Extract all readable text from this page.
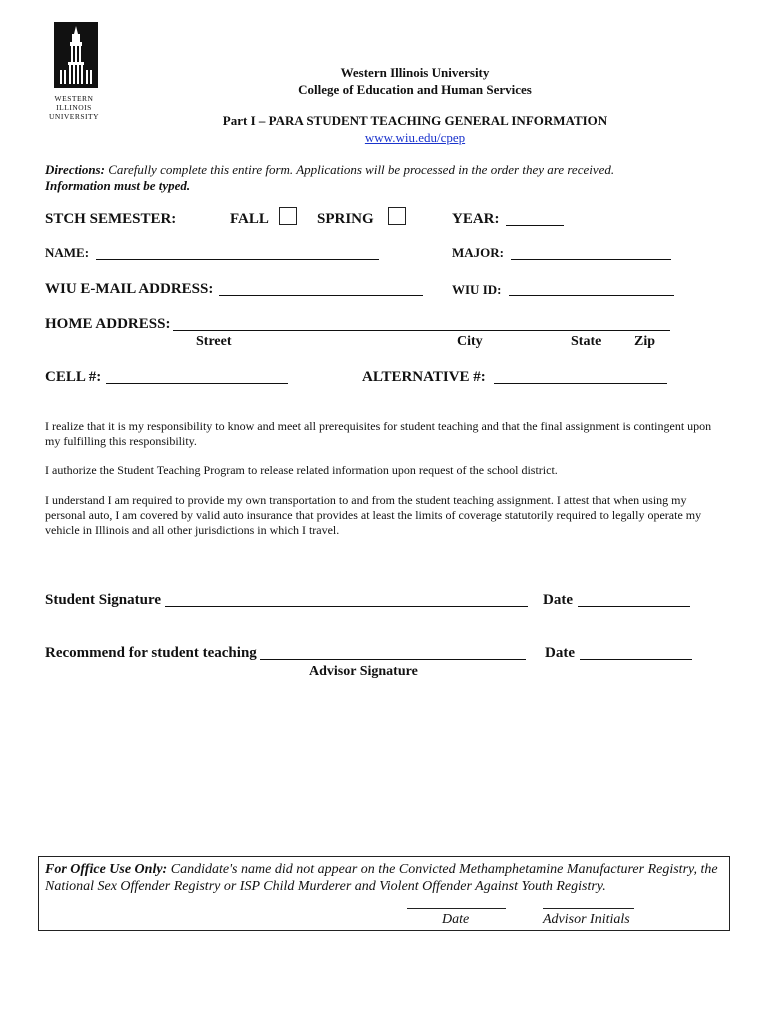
WESTERN
ILLINOIS
UNIVERSITY
Western Illinois University
College of Education and Human Services
Part I – PARA STUDENT TEACHING GENERAL INFORMATION
www.wiu.edu/cpep
Directions: Carefully complete this entire form. Applications will be processed in the order they are received.
Information must be typed.
STCH SEMESTER:	FALL	SPRING	YEAR:
NAME:	MAJOR:
WIU E-MAIL ADDRESS:	WIU ID:
HOME ADDRESS:
Street	City	State Zip
CELL #:	ALTERNATIVE #:
I realize that it is my responsibility to know and meet all prerequisites for student teaching and that the final assignment is contingent upon my fulfilling this responsibility.
I authorize the Student Teaching Program to release related information upon request of the school district.
I understand I am required to provide my own transportation to and from the student teaching assignment. I attest that when using my personal auto, I am covered by valid auto insurance that provides at least the limits of coverage statutorily required to legally operate my vehicle in Illinois and all other jurisdictions in which I travel.
Student Signature	Date
Recommend for student teaching	Date
Advisor Signature
For Office Use Only: Candidate's name did not appear on the Convicted Methamphetamine Manufacturer Registry, the National Sex Offender Registry or ISP Child Murderer and Violent Offender Against Youth Registry.
Date	Advisor Initials
